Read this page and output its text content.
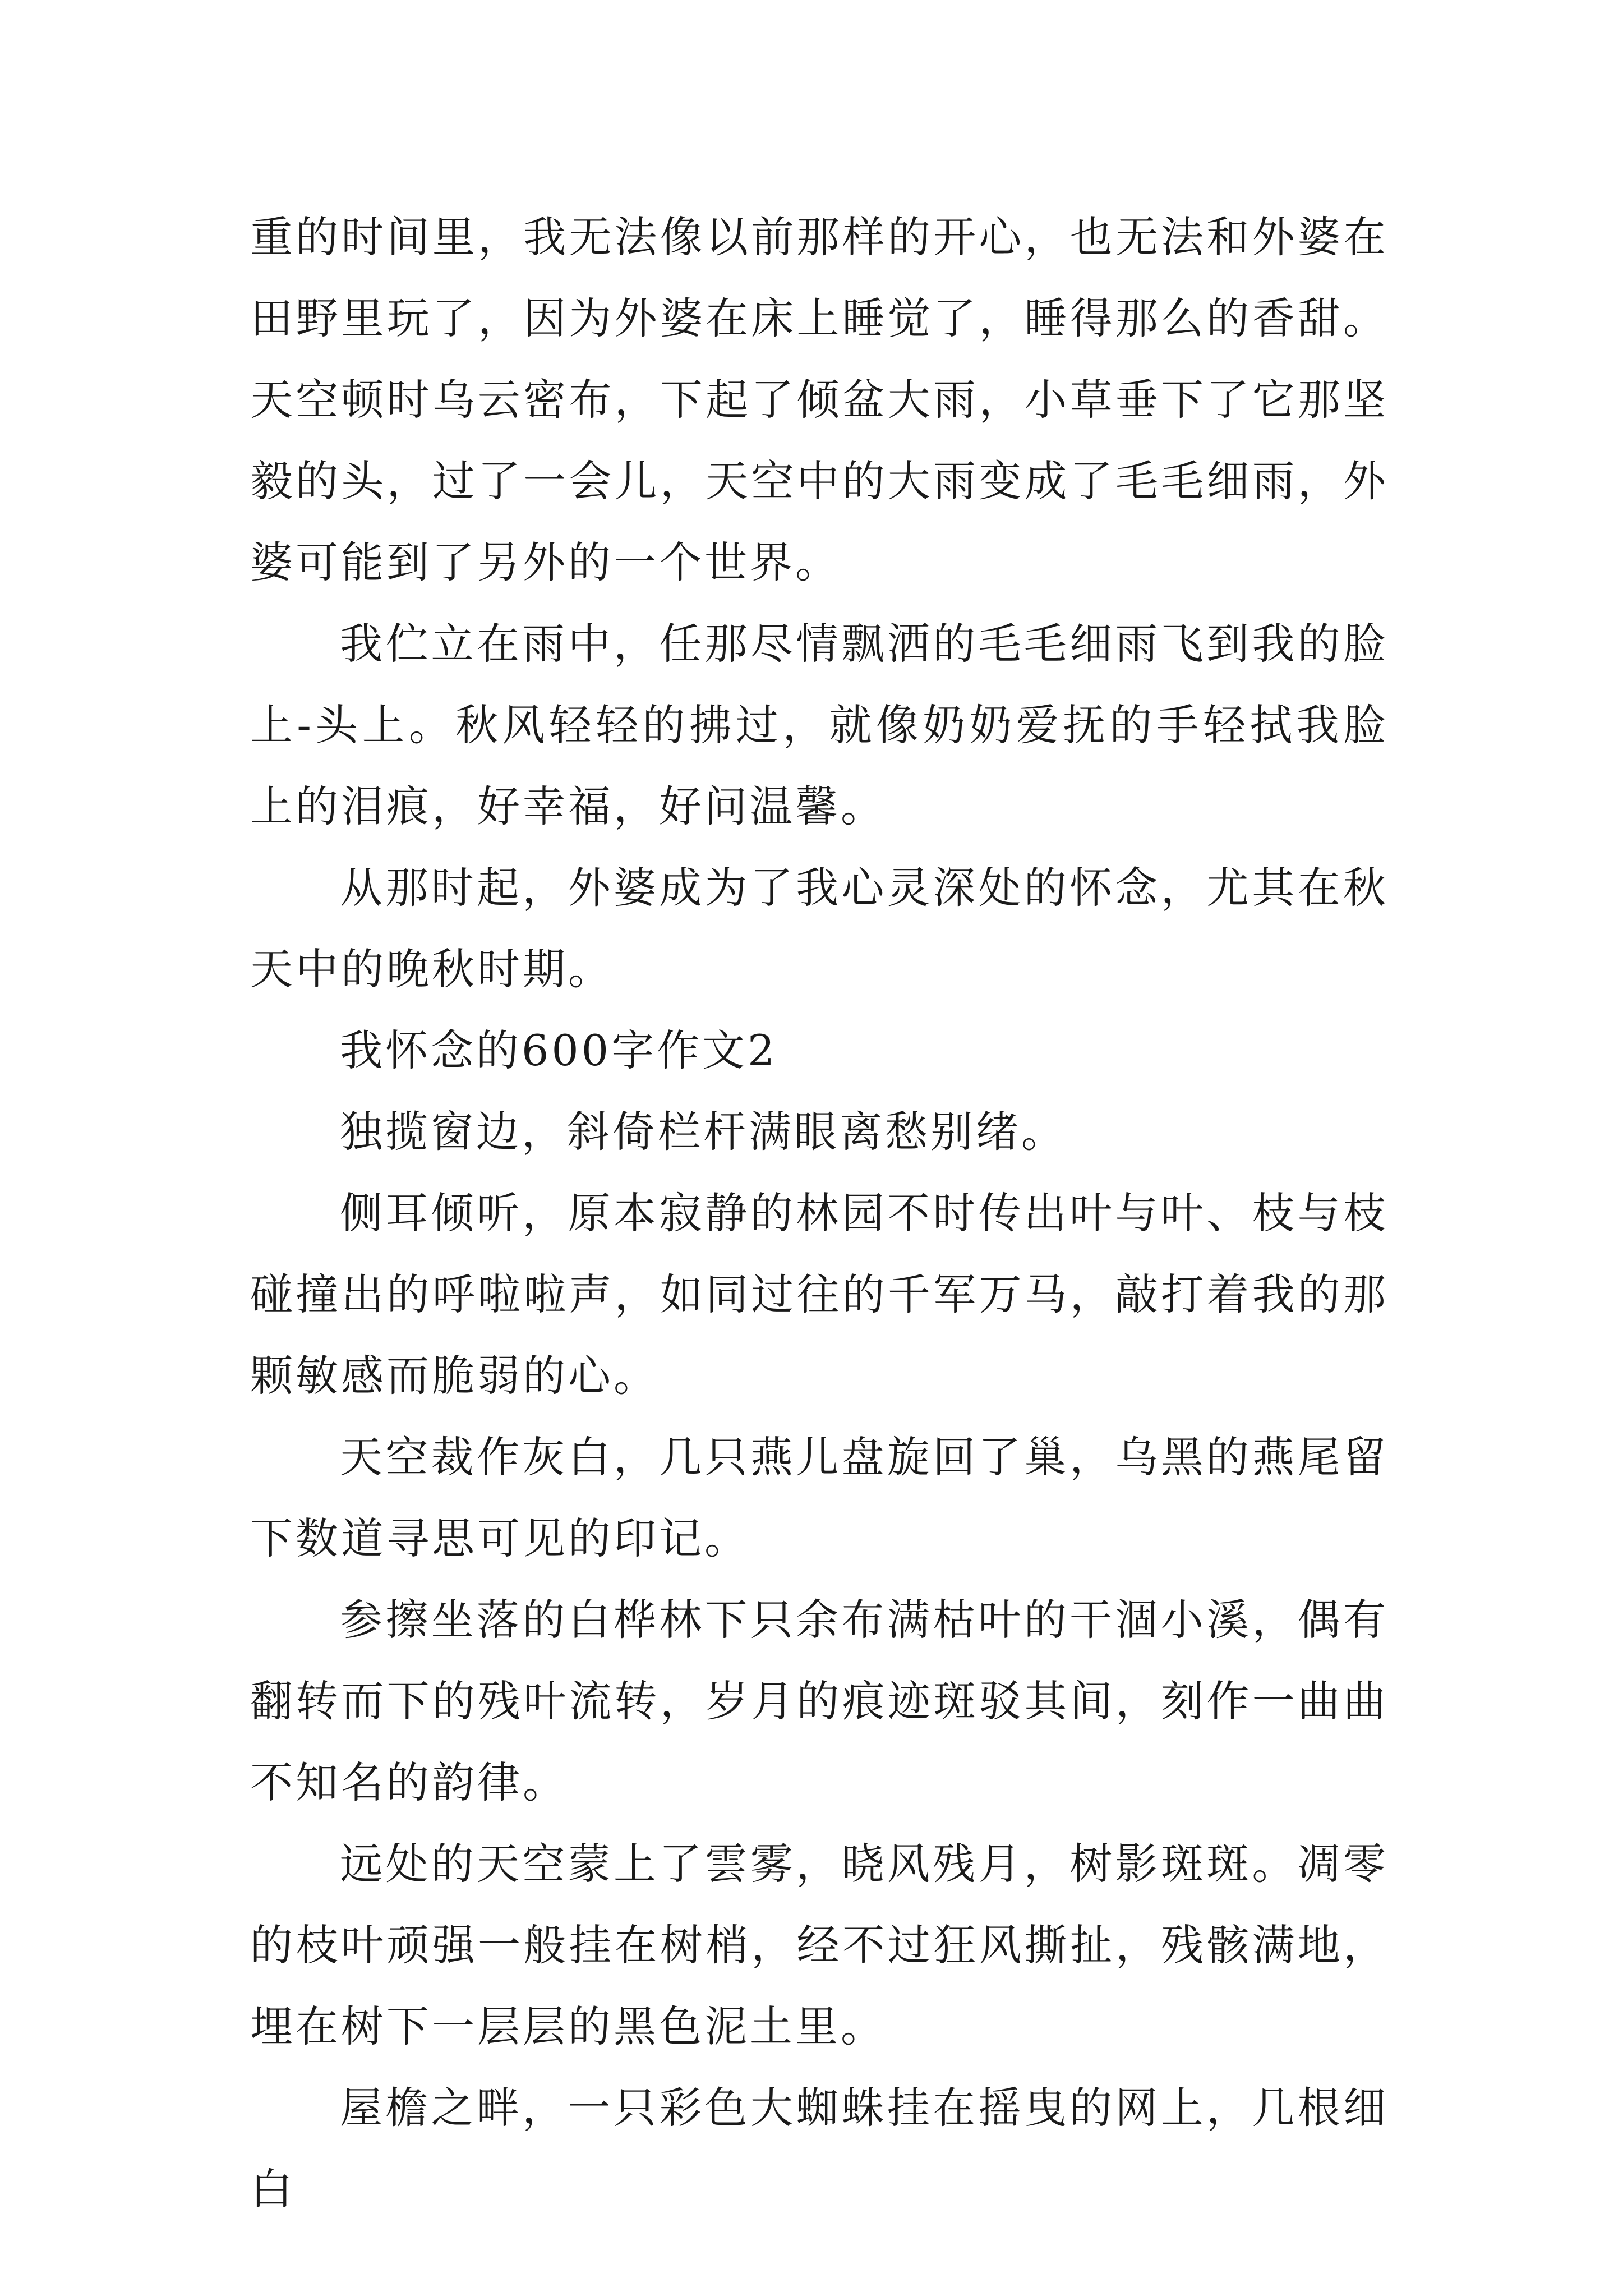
重的时间里，我无法像以前那样的开心，也无法和外婆在田野里玩了，因为外婆在床上睡觉了，睡得那么的香甜。天空顿时乌云密布，下起了倾盆大雨，小草垂下了它那坚毅的头，过了一会儿，天空中的大雨变成了毛毛细雨，外婆可能到了另外的一个世界。

我伫立在雨中，任那尽情飘洒的毛毛细雨飞到我的脸上-头上。秋风轻轻的拂过，就像奶奶爱抚的手轻拭我脸上的泪痕，好幸福，好问温馨。

从那时起，外婆成为了我心灵深处的怀念，尤其在秋天中的晚秋时期。

我怀念的600字作文2

独揽窗边，斜倚栏杆满眼离愁别绪。

侧耳倾听，原本寂静的林园不时传出叶与叶、枝与枝碰撞出的呼啦啦声，如同过往的千军万马，敲打着我的那颗敏感而脆弱的心。

天空裁作灰白，几只燕儿盘旋回了巢，乌黑的燕尾留下数道寻思可见的印记。

参擦坐落的白桦林下只余布满枯叶的干涸小溪，偶有翻转而下的残叶流转，岁月的痕迹斑驳其间，刻作一曲曲不知名的韵律。

远处的天空蒙上了雲雾，晓风残月，树影斑斑。凋零的枝叶顽强一般挂在树梢，经不过狂风撕扯，残骸满地，埋在树下一层层的黑色泥土里。

屋檐之畔，一只彩色大蜘蛛挂在摇曳的网上，几根细白
